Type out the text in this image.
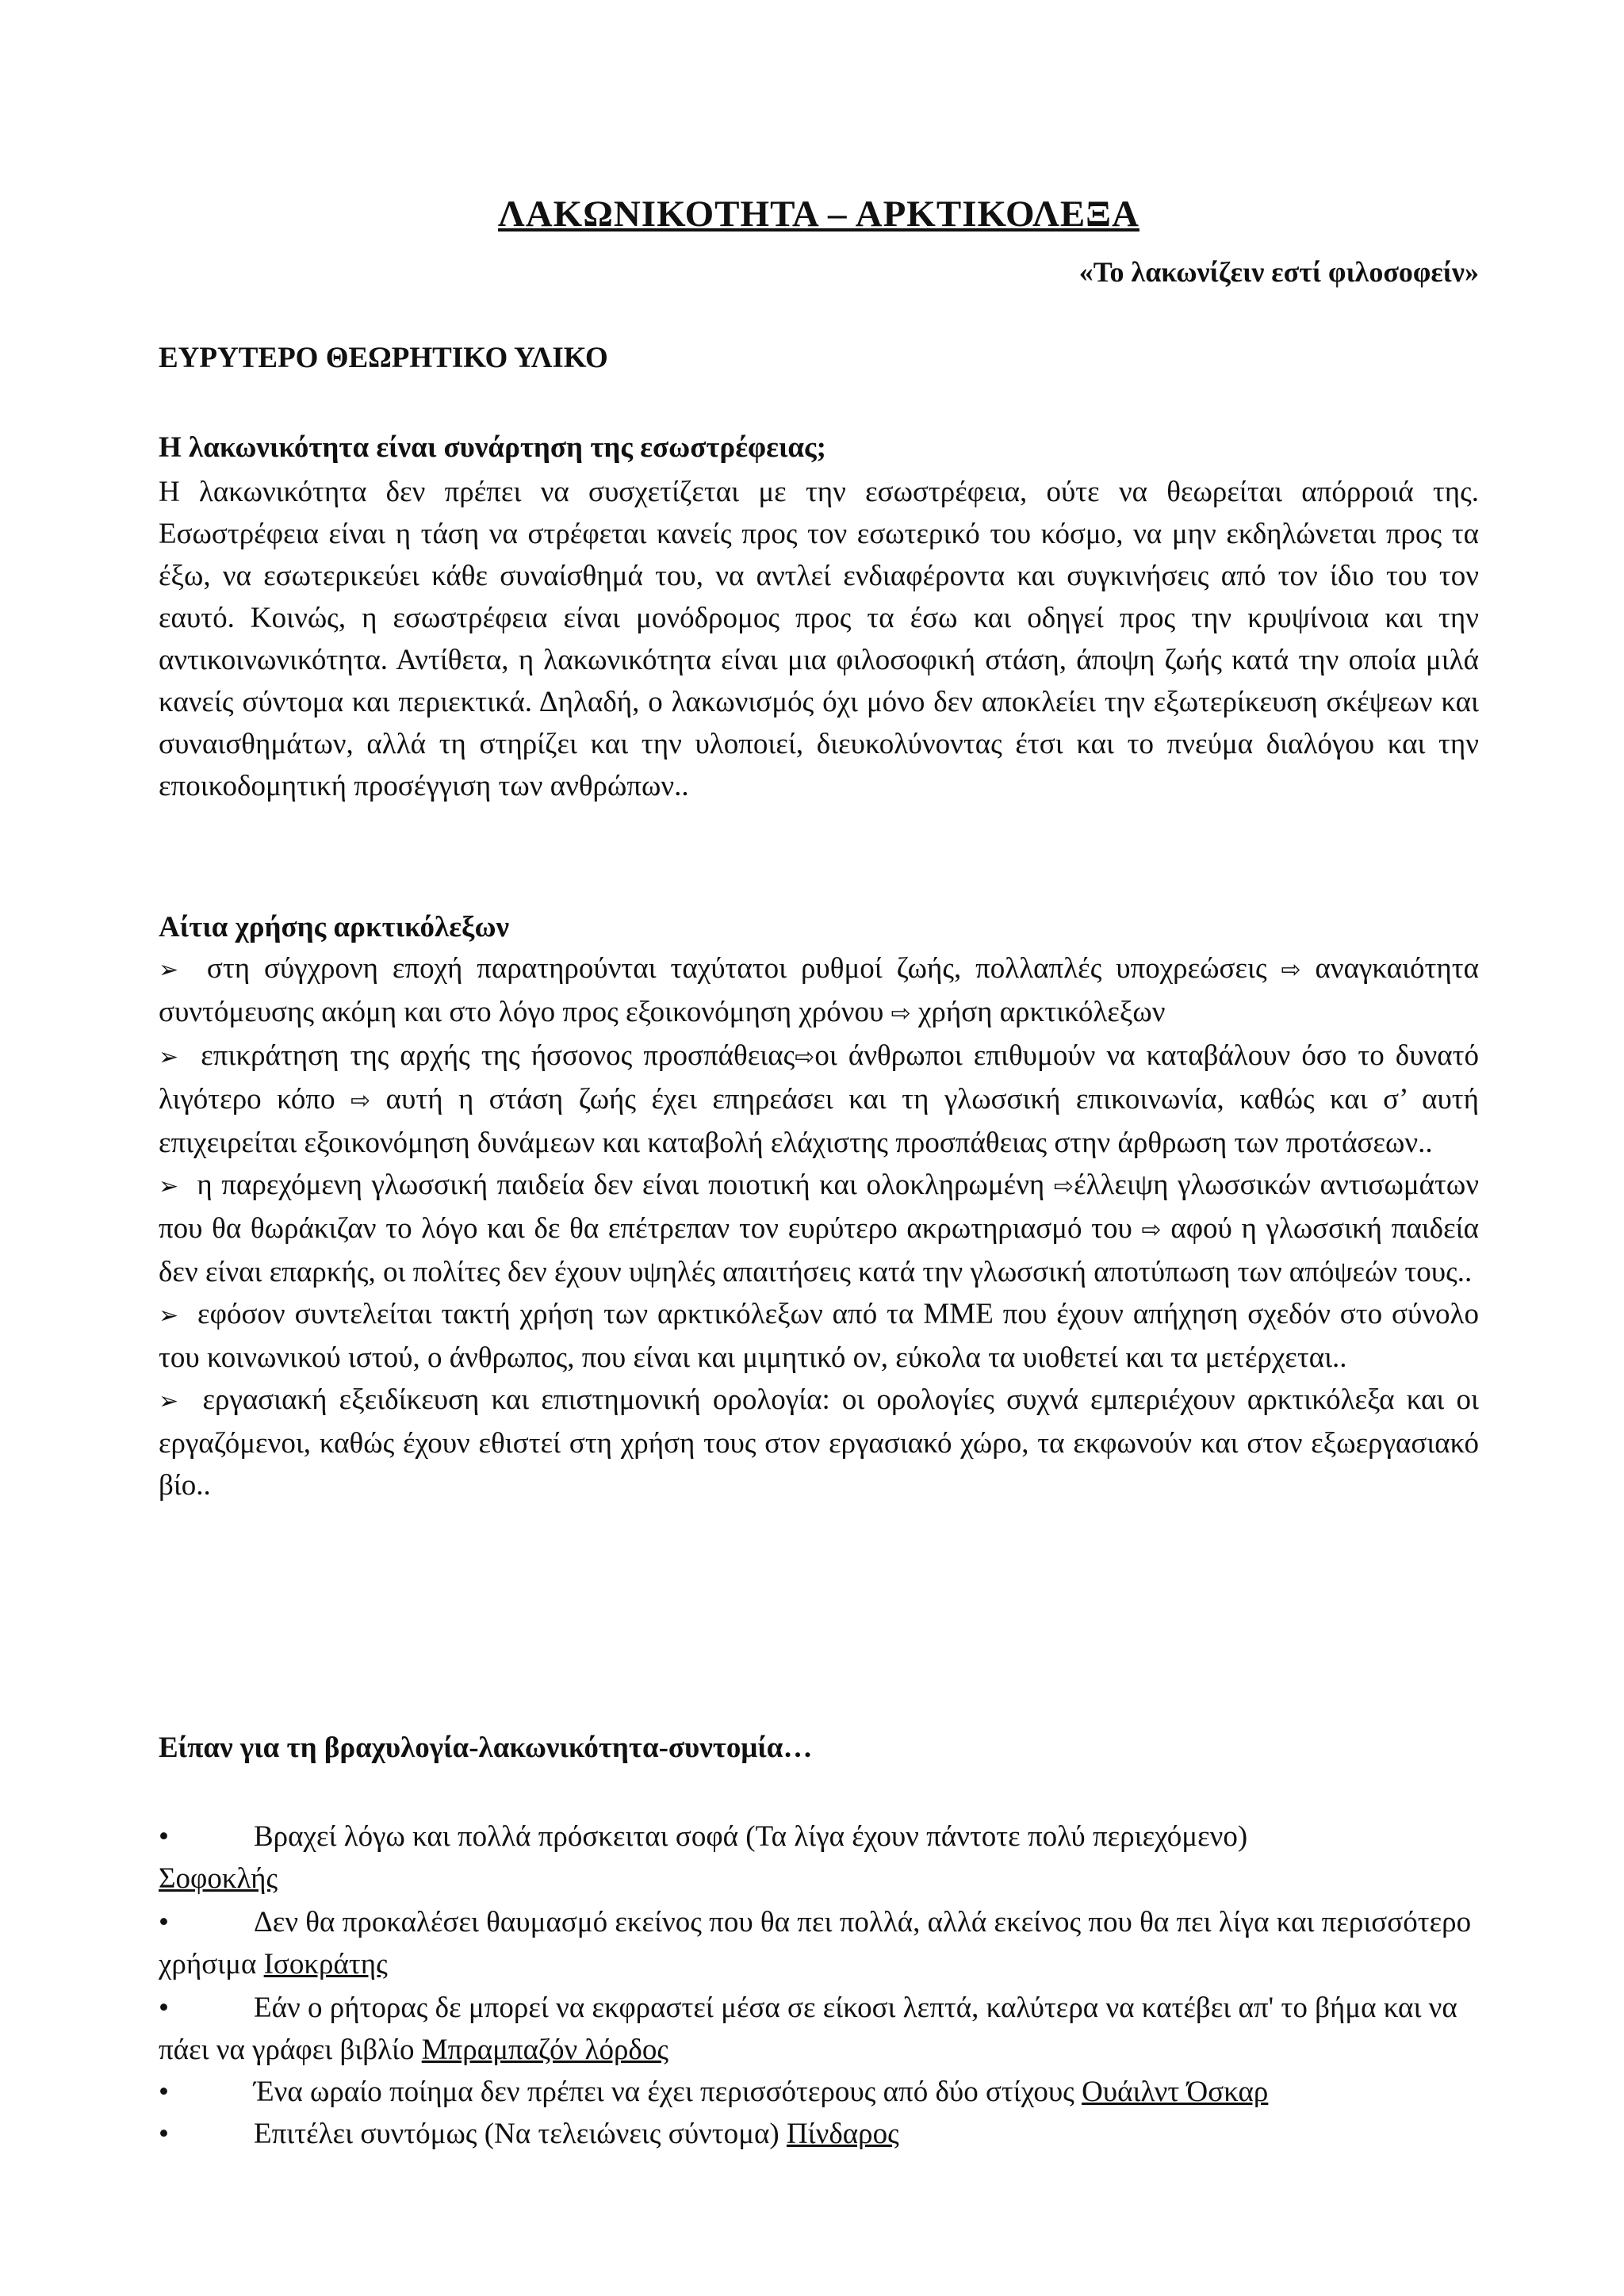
ΛΑΚΩΝΙΚΟΤΗΤΑ – ΑΡΚΤΙΚΟΛΕΞΑ
«Το λακωνίζειν εστί φιλοσοφείν»
ΕΥΡΥΤΕΡΟ ΘΕΩΡΗΤΙΚΟ ΥΛΙΚΟ
Η λακωνικότητα είναι συνάρτηση της εσωστρέφειας;

Η λακωνικότητα δεν πρέπει να συσχετίζεται με την εσωστρέφεια, ούτε να θεωρείται απόρροιά της. Εσωστρέφεια είναι η τάση να στρέφεται κανείς προς τον εσωτερικό του κόσμο, να μην εκδηλώνεται προς τα έξω, να εσωτερικεύει κάθε συναίσθημά του, να αντλεί ενδιαφέροντα και συγκινήσεις από τον ίδιο του τον εαυτό. Κοινώς, η εσωστρέφεια είναι μονόδρομος προς τα έσω και οδηγεί προς την κρυψίνοια και την αντικοινωνικότητα. Αντίθετα, η λακωνικότητα είναι μια φιλοσοφική στάση, άποψη ζωής κατά την οποία μιλά κανείς σύντομα και περιεκτικά. Δηλαδή, ο λακωνισμός όχι μόνο δεν αποκλείει την εξωτερίκευση σκέψεων και συναισθημάτων, αλλά τη στηρίζει και την υλοποιεί, διευκολύνοντας έτσι και το πνεύμα διαλόγου και την εποικοδομητική προσέγγιση των ανθρώπων..

Αίτια χρήσης αρκτικόλεξων

➢ στη σύγχρονη εποχή παρατηρούνται ταχύτατοι ρυθμοί ζωής, πολλαπλές υποχρεώσεις ⇨ αναγκαιότητα συντόμευσης ακόμη και στο λόγο προς εξοικονόμηση χρόνου ⇨ χρήση αρκτικόλεξων

➢ επικράτηση της αρχής της ήσσονος προσπάθειας⇨οι άνθρωποι επιθυμούν να καταβάλουν όσο το δυνατό λιγότερο κόπο ⇨ αυτή η στάση ζωής έχει επηρεάσει και τη γλωσσική επικοινωνία, καθώς και σ’ αυτή επιχειρείται εξοικονόμηση δυνάμεων και καταβολή ελάχιστης προσπάθειας στην άρθρωση των προτάσεων..

➢ η παρεχόμενη γλωσσική παιδεία δεν είναι ποιοτική και ολοκληρωμένη ⇨έλλειψη γλωσσικών αντισωμάτων που θα θωράκιζαν το λόγο και δε θα επέτρεπαν τον ευρύτερο ακρωτηριασμό του ⇨ αφού η γλωσσική παιδεία δεν είναι επαρκής, οι πολίτες δεν έχουν υψηλές απαιτήσεις κατά την γλωσσική αποτύπωση των απόψεών τους..

➢ εφόσον συντελείται τακτή χρήση των αρκτικόλεξων από τα ΜΜΕ που έχουν απήχηση σχεδόν στο σύνολο του κοινωνικού ιστού, ο άνθρωπος, που είναι και μιμητικό ον, εύκολα τα υιοθετεί και τα μετέρχεται..

➢ εργασιακή εξειδίκευση και επιστημονική ορολογία: οι ορολογίες συχνά εμπεριέχουν αρκτικόλεξα και οι εργαζόμενοι, καθώς έχουν εθιστεί στη χρήση τους στον εργασιακό χώρο, τα εκφωνούν και στον εξωεργασιακό βίο..

Είπαν για τη βραχυλογία-λακωνικότητα-συντομία…

•	Βραχεί λόγω και πολλά πρόσκειται σοφά (Τα λίγα έχουν πάντοτε πολύ περιεχόμενο)
Σοφοκλής

•	Δεν θα προκαλέσει θαυμασμό εκείνος που θα πει πολλά, αλλά εκείνος που θα πει λίγα και περισσότερο χρήσιμα Ισοκράτης

•	Εάν ο ρήτορας δε μπορεί να εκφραστεί μέσα σε είκοσι λεπτά, καλύτερα να κατέβει απ' το βήμα και να πάει να γράφει βιβλίο Μπραμπαζόν λόρδος

•	Ένα ωραίο ποίημα δεν πρέπει να έχει περισσότερους από δύο στίχους Ουάιλντ Όσκαρ

•	Επιτέλει συντόμως (Να τελειώνεις σύντομα) Πίνδαρος
